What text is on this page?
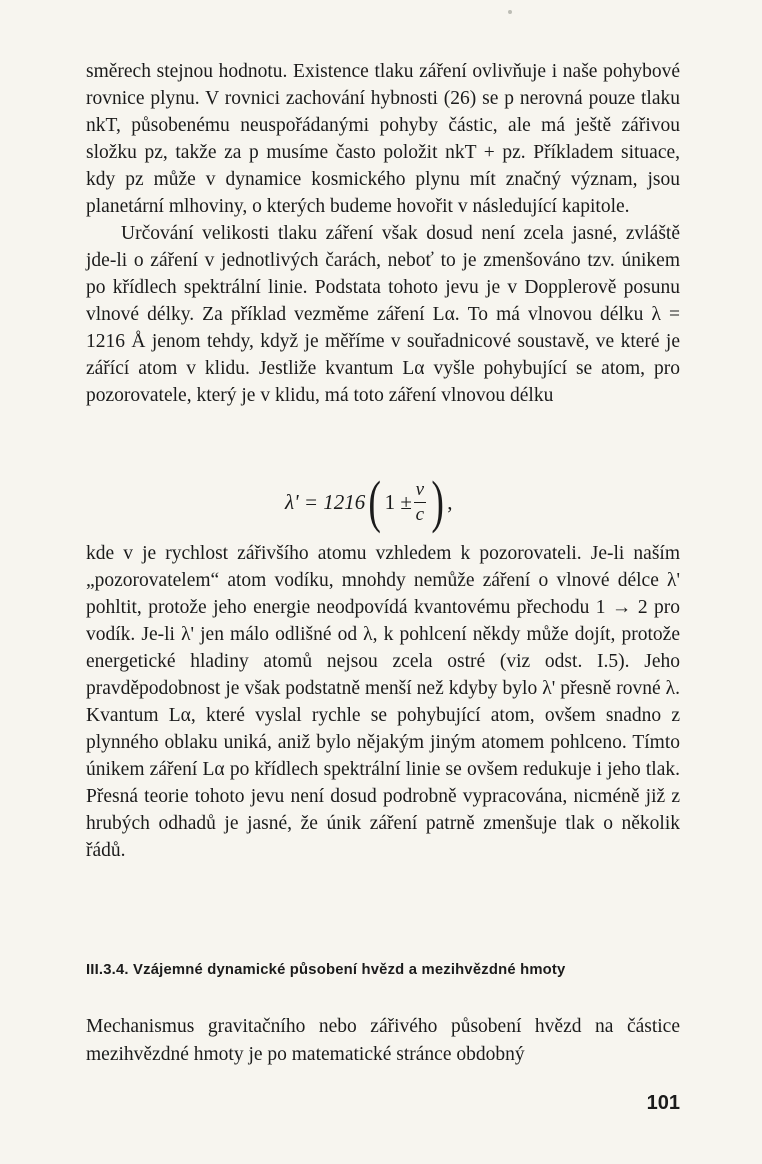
směrech stejnou hodnotu. Existence tlaku záření ovlivňuje i naše pohybové rovnice plynu. V rovnici zachování hybnosti (26) se p nerovná pouze tlaku nkT, působenému neuspořádanými pohyby částic, ale má ještě zářivou složku pz, takže za p musíme často položit nkT + pz. Příkladem situace, kdy pz může v dynamice kosmického plynu mít značný význam, jsou planetární mlhoviny, o kterých budeme hovořit v následující kapitole.

Určování velikosti tlaku záření však dosud není zcela jasné, zvláště jde-li o záření v jednotlivých čarách, neboť to je zmenšováno tzv. únikem po křídlech spektrální linie. Podstata tohoto jevu je v Dopplerově posunu vlnové délky. Za příklad vezměme záření Lα. To má vlnovou délku λ = 1216 Å jenom tehdy, když je měříme v souřadnicové soustavě, ve které je zářící atom v klidu. Jestliže kvantum Lα vyšle pohybující se atom, pro pozorovatele, který je v klidu, má toto záření vlnovou délku

λ' = 1216 ( $1 \pm \frac{v}{c}$ ) ,
kde v je rychlost zářivšího atomu vzhledem k pozorovateli. Je-li naším „pozorovatelem“ atom vodíku, mnohdy nemůže záření o vlnové délce λ' pohltit, protože jeho energie neodpovídá kvantovému přechodu 1 → 2 pro vodík. Je-li λ' jen málo odlišné od λ, k pohlcení někdy může dojít, protože energetické hladiny atomů nejsou zcela ostré (viz odst. I.5). Jeho pravděpodobnost je však podstatně menší než kdyby bylo λ' přesně rovné λ. Kvantum Lα, které vyslal rychle se pohybující atom, ovšem snadno z plynného oblaku uniká, aniž bylo nějakým jiným atomem pohlceno. Tímto únikem záření Lα po křídlech spektrální linie se ovšem redukuje i jeho tlak. Přesná teorie tohoto jevu není dosud podrobně vypracována, nicméně již z hrubých odhadů je jasné, že únik záření patrně zmenšuje tlak o několik řádů.
III.3.4. Vzájemné dynamické působení hvězd a mezihvězdné hmoty
Mechanismus gravitačního nebo zářivého působení hvězd na částice mezihvězdné hmoty je po matematické stránce obdobný
101
